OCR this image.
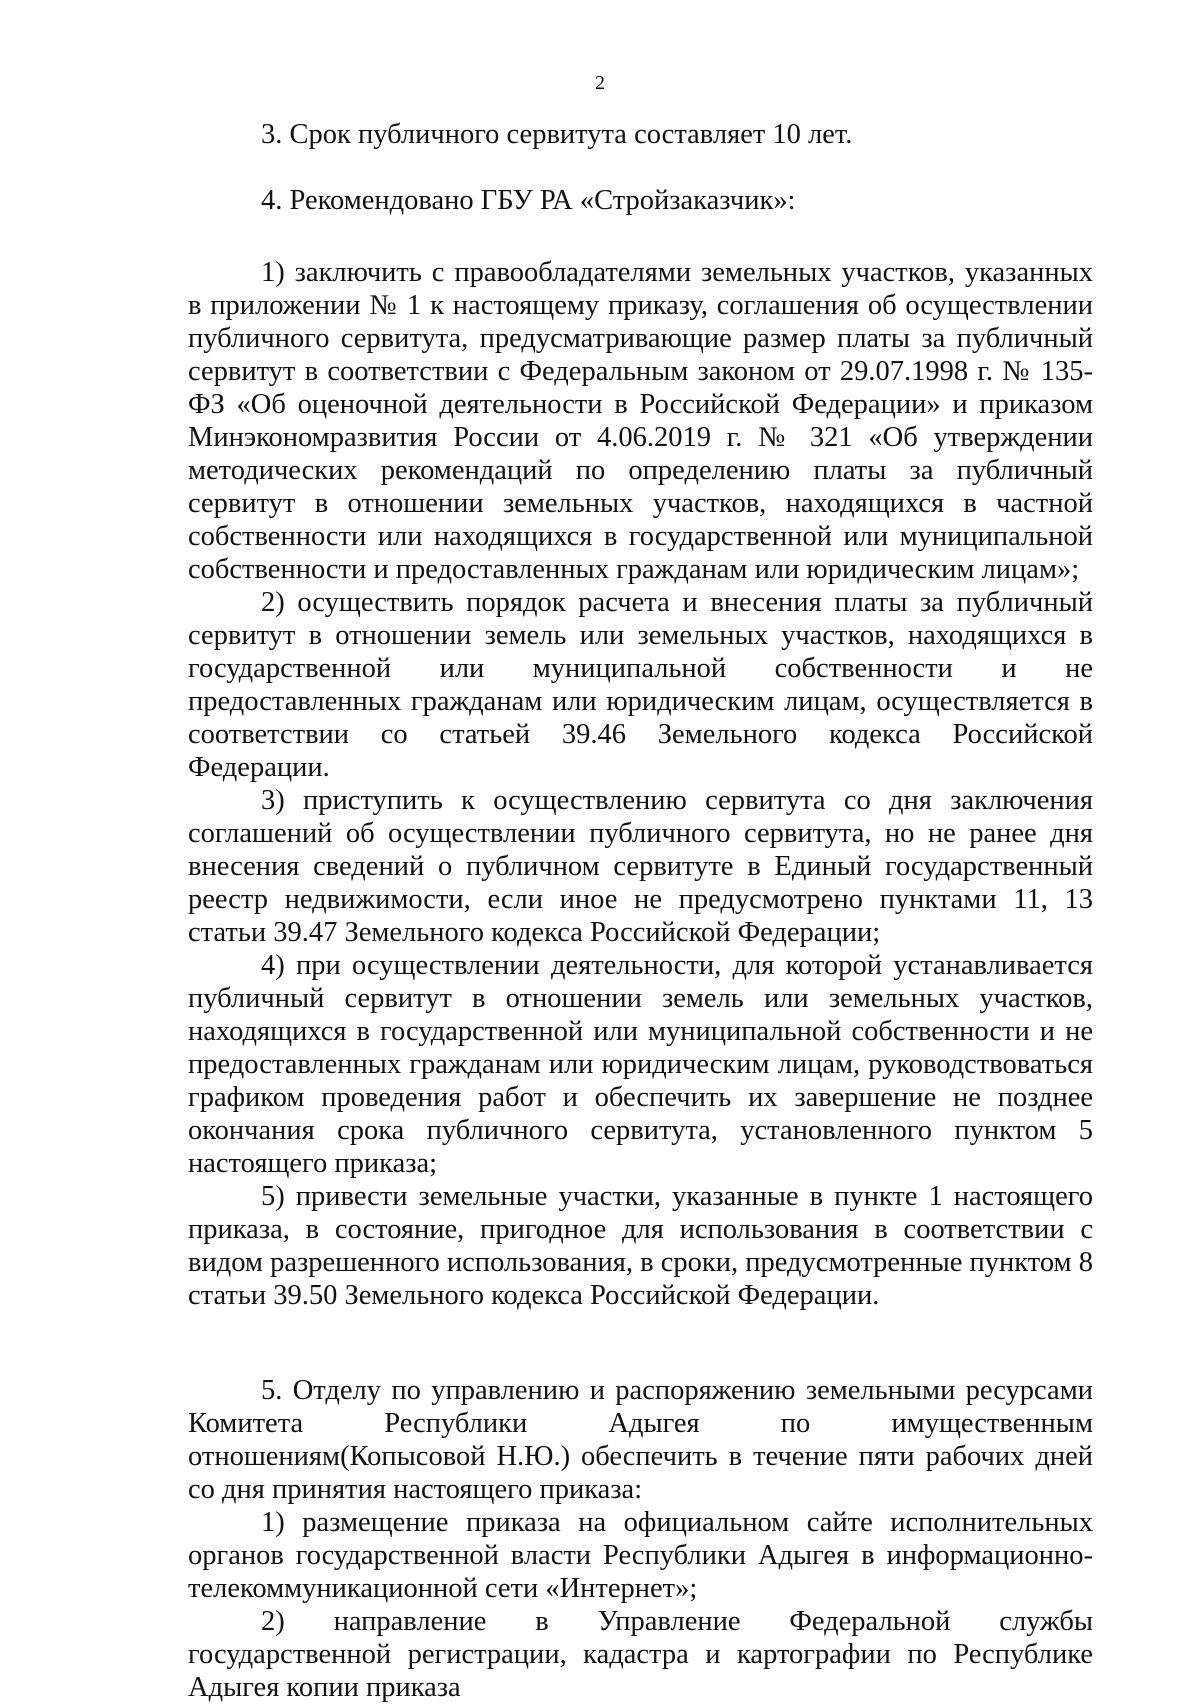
2

3. Срок публичного сервитута составляет 10 лет.

4. Рекомендовано ГБУ РА «Стройзаказчик»:

1) заключить с правообладателями земельных участков, указанных в приложении № 1 к настоящему приказу, соглашения об осуществлении публичного сервитута, предусматривающие размер платы за публичный сервитут в соответствии с Федеральным законом от 29.07.1998 г. № 135-ФЗ «Об оценочной деятельности в Российской Федерации» и приказом Минэкономразвития России от 4.06.2019 г. № 321 «Об утверждении методических рекомендаций по определению платы за публичный сервитут в отношении земельных участков, находящихся в частной собственности или находящихся в государственной или муниципальной собственности и предоставленных гражданам или юридическим лицам»;

2) осуществить порядок расчета и внесения платы за публичный сервитут в отношении земель или земельных участков, находящихся в государственной или муниципальной собственности и не предоставленных гражданам или юридическим лицам, осуществляется в соответствии со статьей 39.46 Земельного кодекса Российской Федерации.

3) приступить к осуществлению сервитута со дня заключения соглашений об осуществлении публичного сервитута, но не ранее дня внесения сведений о публичном сервитуте в Единый государственный реестр недвижимости, если иное не предусмотрено пунктами 11, 13 статьи 39.47 Земельного кодекса Российской Федерации;

4) при осуществлении деятельности, для которой устанавливается публичный сервитут в отношении земель или земельных участков, находящихся в государственной или муниципальной собственности и не предоставленных гражданам или юридическим лицам, руководствоваться графиком проведения работ и обеспечить их завершение не позднее окончания срока публичного сервитута, установленного пунктом 5 настоящего приказа;

5) привести земельные участки, указанные в пункте 1 настоящего приказа, в состояние, пригодное для использования в соответствии с видом разрешенного использования, в сроки, предусмотренные пунктом 8 статьи 39.50 Земельного кодекса Российской Федерации.

5. Отделу по управлению и распоряжению земельными ресурсами Комитета Республики Адыгея по имущественным отношениям(Копысовой Н.Ю.) обеспечить в течение пяти рабочих дней со дня принятия настоящего приказа:

1) размещение приказа на официальном сайте исполнительных органов государственной власти Республики Адыгея в информационно-телекоммуникационной сети «Интернет»;

2) направление в Управление Федеральной службы государственной регистрации, кадастра и картографии по Республике Адыгея копии приказа
